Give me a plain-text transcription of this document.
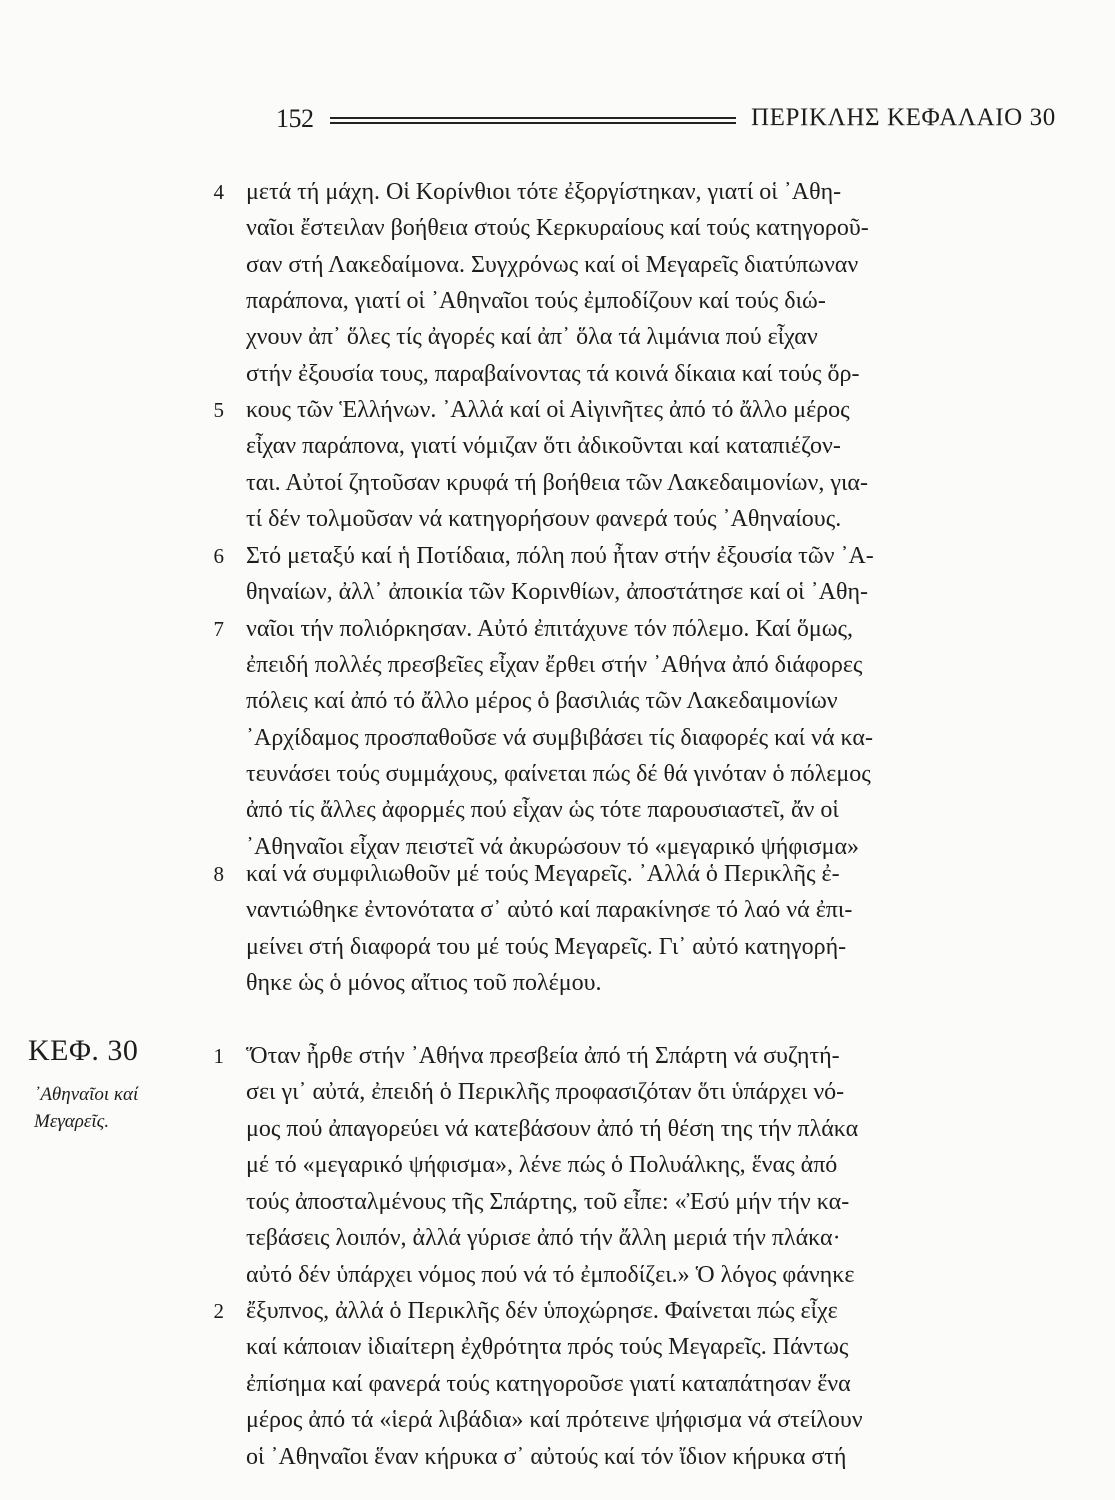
152	ΠΕΡΙΚΛΗΣ ΚΕΦΑΛΑΙΟ 30
4
5
6
7
8
1
2
ΚΕΦ. 30
᾿Αθηναῖοι καί
Μεγαρεῖς.
μετά τή μάχη. Οἱ Κορίνθιοι τότε ἐξοργίστηκαν, γιατί οἱ ᾿Αθη-
ναῖοι ἔστειλαν βοήθεια στούς Κερκυραίους καί τούς κατηγοροῦ-
σαν στή Λακεδαίμονα. Συγχρόνως καί οἱ Μεγαρεῖς διατύπωναν
παράπονα, γιατί οἱ ᾿Αθηναῖοι τούς ἐμποδίζουν καί τούς διώ-
χνουν ἀπ᾿ ὅλες τίς ἀγορές καί ἀπ᾿ ὅλα τά λιμάνια πού εἶχαν
στήν ἐξουσία τους, παραβαίνοντας τά κοινά δίκαια καί τούς ὅρ-
κους τῶν Ἑλλήνων. ᾿Αλλά καί οἱ Αἰγινῆτες ἀπό τό ἄλλο μέρος
εἶχαν παράπονα, γιατί νόμιζαν ὅτι ἀδικοῦνται καί καταπιέζον-
ται. Αὐτοί ζητοῦσαν κρυφά τή βοήθεια τῶν Λακεδαιμονίων, για-
τί δέν τολμοῦσαν νά κατηγορήσουν φανερά τούς ᾿Αθηναίους.
Στό μεταξύ καί ἡ Ποτίδαια, πόλη πού ἦταν στήν ἐξουσία τῶν ᾿Α-
θηναίων, ἀλλ᾿ ἀποικία τῶν Κορινθίων, ἀποστάτησε καί οἱ ᾿Αθη-
ναῖοι τήν πολιόρκησαν. Αὐτό ἐπιτάχυνε τόν πόλεμο. Καί ὅμως,
ἐπειδή πολλές πρεσβεῖες εἶχαν ἔρθει στήν ᾿Αθήνα ἀπό διάφορες
πόλεις καί ἀπό τό ἄλλο μέρος ὁ βασιλιάς τῶν Λακεδαιμονίων
᾿Αρχίδαμος προσπαθοῦσε νά συμβιβάσει τίς διαφορές καί νά κα-
τευνάσει τούς συμμάχους, φαίνεται πώς δέ θά γινόταν ὁ πόλεμος
ἀπό τίς ἄλλες ἀφορμές πού εἶχαν ὡς τότε παρουσιαστεῖ, ἄν οἱ
᾿Αθηναῖοι εἶχαν πειστεῖ νά ἀκυρώσουν τό «μεγαρικό ψήφισμα»
καί νά συμφιλιωθοῦν μέ τούς Μεγαρεῖς. ᾿Αλλά ὁ Περικλῆς ἐ-
ναντιώθηκε ἐντονότατα σ᾿ αὐτό καί παρακίνησε τό λαό νά ἐπι-
μείνει στή διαφορά του μέ τούς Μεγαρεῖς. Γι᾿ αὐτό κατηγορή-
θηκε ὡς ὁ μόνος αἴτιος τοῦ πολέμου.
Ὅταν ἦρθε στήν ᾿Αθήνα πρεσβεία ἀπό τή Σπάρτη νά συζητή-
σει γι᾿ αὐτά, ἐπειδή ὁ Περικλῆς προφασιζόταν ὅτι ὑπάρχει νό-
μος πού ἀπαγορεύει νά κατεβάσουν ἀπό τή θέση της τήν πλάκα
μέ τό «μεγαρικό ψήφισμα», λένε πώς ὁ Πολυάλκης, ἕνας ἀπό
τούς ἀποσταλμένους τῆς Σπάρτης, τοῦ εἶπε: «Ἐσύ μήν τήν κα-
τεβάσεις λοιπόν, ἀλλά γύρισε ἀπό τήν ἄλλη μεριά τήν πλάκα·
αὐτό δέν ὑπάρχει νόμος πού νά τό ἐμποδίζει.» Ὁ λόγος φάνηκε
ἔξυπνος, ἀλλά ὁ Περικλῆς δέν ὑποχώρησε. Φαίνεται πώς εἶχε
καί κάποιαν ἰδιαίτερη ἐχθρότητα πρός τούς Μεγαρεῖς. Πάντως
ἐπίσημα καί φανερά τούς κατηγοροῦσε γιατί καταπάτησαν ἕνα
μέρος ἀπό τά «ἱερά λιβάδια» καί πρότεινε ψήφισμα νά στείλουν
οἱ ᾿Αθηναῖοι ἕναν κήρυκα σ᾿ αὐτούς καί τόν ἴδιον κήρυκα στή
